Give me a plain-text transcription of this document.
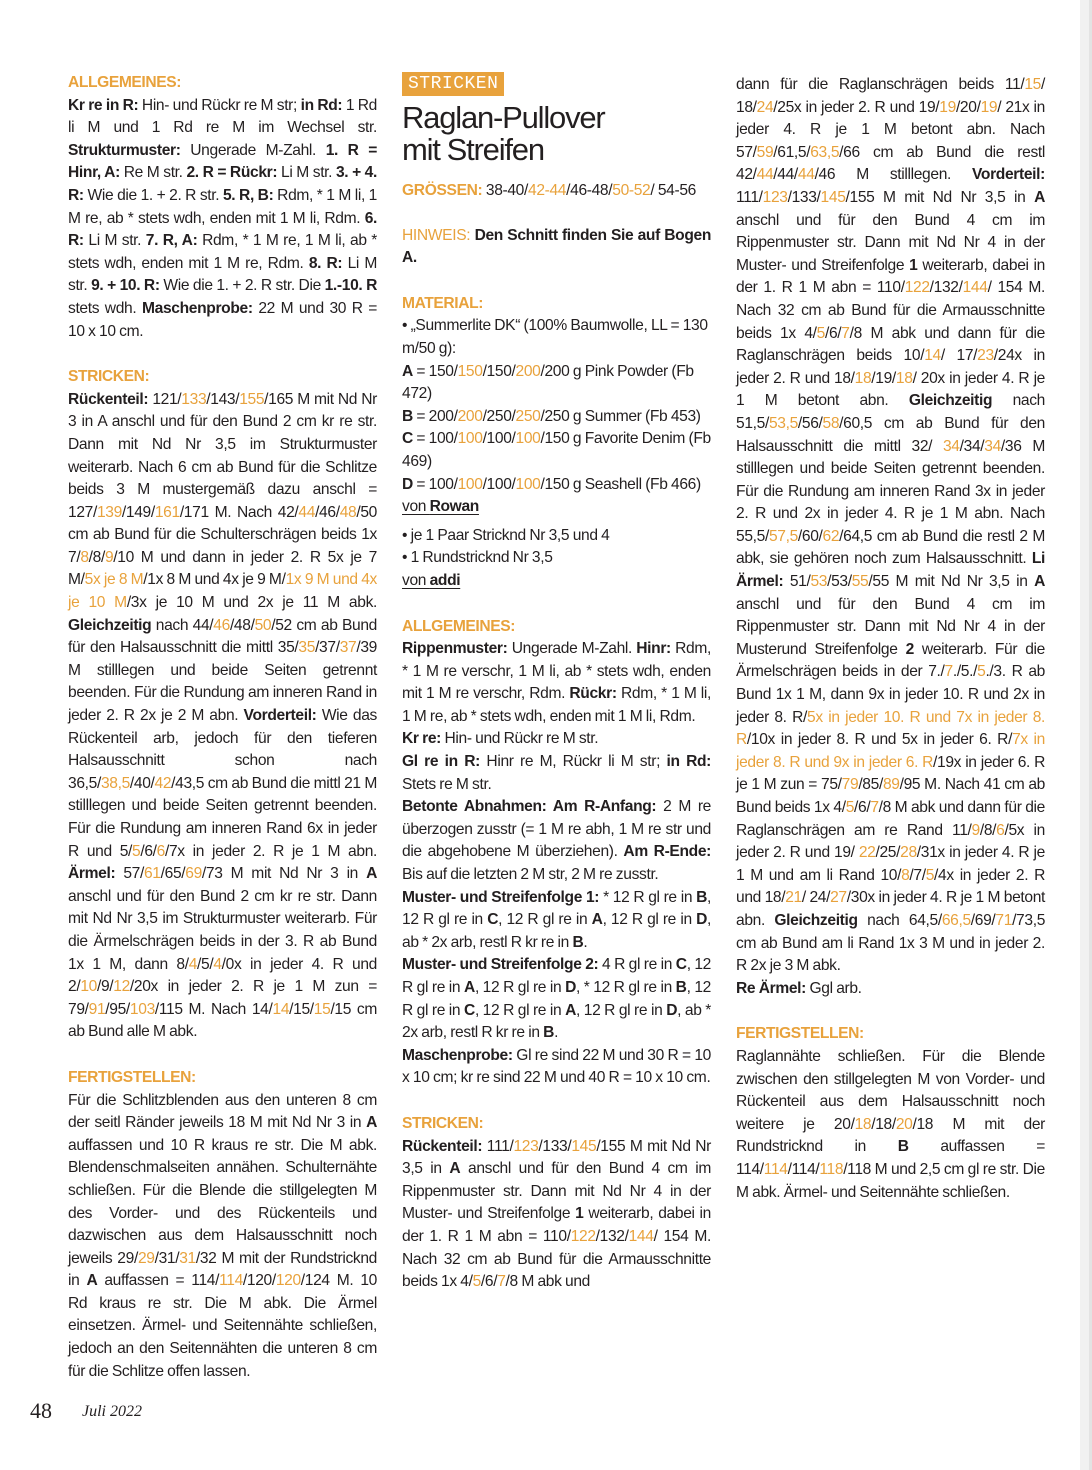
ALLGEMEINES:

Kr re in R: Hin- und Rückr re M str; in Rd: 1 Rd li M und 1 Rd re M im Wechsel str. Strukturmuster: Ungerade M-Zahl. 1. R = Hinr, A: Re M str. 2. R = Rückr: Li M str. 3. + 4. R: Wie die 1. + 2. R str. 5. R, B: Rdm, * 1 M li, 1 M re, ab * stets wdh, enden mit 1 M li, Rdm. 6. R: Li M str. 7. R, A: Rdm, * 1 M re, 1 M li, ab * stets wdh, enden mit 1 M re, Rdm. 8. R: Li M str. 9. + 10. R: Wie die 1. + 2. R str. Die 1.-10. R stets wdh. Maschenprobe: 22 M und 30 R = 10 x 10 cm.

STRICKEN:

Rückenteil: 121/133/143/155/165 M mit Nd Nr 3 in A anschl und für den Bund 2 cm kr re str. Dann mit Nd Nr 3,5 im Strukturmuster weiterarb. Nach 6 cm ab Bund für die Schlitze beids 3 M mustergemäß dazu anschl = 127/139/149/161/171 M. Nach 42/44/46/48/50 cm ab Bund für die Schulterschrägen beids 1x 7/8/8/9/10 M und dann in jeder 2. R 5x je 7 M/5x je 8 M/1x 8 M und 4x je 9 M/1x 9 M und 4x je 10 M/3x je 10 M und 2x je 11 M abk. Gleichzeitig nach 44/46/48/50/52 cm ab Bund für den Halsausschnitt die mittl 35/35/37/37/39 M stilllegen und beide Seiten getrennt beenden. Für die Rundung am inneren Rand in jeder 2. R 2x je 2 M abn. Vorderteil: Wie das Rückenteil arb, jedoch für den tieferen Halsausschnitt schon nach 36,5/38,5/40/42/43,5 cm ab Bund die mittl 21 M stilllegen und beide Seiten getrennt beenden. Für die Rundung am inneren Rand 6x in jeder R und 5/5/6/6/7x in jeder 2. R je 1 M abn. Ärmel: 57/61/65/69/73 M mit Nd Nr 3 in A anschl und für den Bund 2 cm kr re str. Dann mit Nd Nr 3,5 im Strukturmuster weiterarb. Für die Ärmelschrägen beids in der 3. R ab Bund 1x 1 M, dann 8/4/5/4/0x in jeder 4. R und 2/10/9/12/20x in jeder 2. R je 1 M zun = 79/91/95/103/115 M. Nach 14/14/15/15/15 cm ab Bund alle M abk.

FERTIGSTELLEN:

Für die Schlitzblenden aus den unteren 8 cm der seitl Ränder jeweils 18 M mit Nd Nr 3 in A auffassen und 10 R kraus re str. Die M abk. Blendenschmalseiten annähen. Schulternähte schließen. Für die Blende die stillgelegten M des Vorder- und des Rückenteils und dazwischen aus dem Halsausschnitt noch jeweils 29/29/31/31/32 M mit der Rundstricknd in A auffassen = 114/114/120/120/124 M. 10 Rd kraus re str. Die M abk. Die Ärmel einsetzen. Ärmel- und Seitennähte schließen, jedoch an den Seitennähten die unteren 8 cm für die Schlitze offen lassen.

STRICKEN
Raglan-Pullover
mit Streifen

GRÖSSEN: 38-40/42-44/46-48/50-52/ 54-56

HINWEIS: Den Schnitt finden Sie auf Bogen A.

MATERIAL:

• „Summerlite DK“ (100% Baumwolle, LL = 130 m/50 g):
A = 150/150/150/200/200 g Pink Powder (Fb 472)
B = 200/200/250/250/250 g Summer (Fb 453)
C = 100/100/100/100/150 g Favorite Denim (Fb 469)
D = 100/100/100/100/150 g Seashell (Fb 466)
von Rowan

• je 1 Paar Stricknd Nr 3,5 und 4
• 1 Rundstricknd Nr 3,5
von addi

ALLGEMEINES:

Rippenmuster: Ungerade M-Zahl. Hinr: Rdm, * 1 M re verschr, 1 M li, ab * stets wdh, enden mit 1 M re verschr, Rdm. Rückr: Rdm, * 1 M li, 1 M re, ab * stets wdh, enden mit 1 M li, Rdm.
Kr re: Hin- und Rückr re M str.
Gl re in R: Hinr re M, Rückr li M str; in Rd: Stets re M str.
Betonte Abnahmen: Am R-Anfang: 2 M re überzogen zusstr (= 1 M re abh, 1 M re str und die abgehobene M überziehen). Am R-Ende: Bis auf die letzten 2 M str, 2 M re zusstr.
Muster- und Streifenfolge 1: * 12 R gl re in B, 12 R gl re in C, 12 R gl re in A, 12 R gl re in D, ab * 2x arb, restl R kr re in B.
Muster- und Streifenfolge 2: 4 R gl re in C, 12 R gl re in A, 12 R gl re in D, * 12 R gl re in B, 12 R gl re in C, 12 R gl re in A, 12 R gl re in D, ab * 2x arb, restl R kr re in B.
Maschenprobe: Gl re sind 22 M und 30 R = 10 x 10 cm; kr re sind 22 M und 40 R = 10 x 10 cm.

STRICKEN:

Rückenteil: 111/123/133/145/155 M mit Nd Nr 3,5 in A anschl und für den Bund 4 cm im Rippenmuster str. Dann mit Nd Nr 4 in der Muster- und Streifenfolge 1 weiterarb, dabei in der 1. R 1 M abn = 110/122/132/144/ 154 M. Nach 32 cm ab Bund für die Armausschnitte beids 1x 4/5/6/7/8 M abk und

dann für die Raglanschrägen beids 11/15/ 18/24/25x in jeder 2. R und 19/19/20/19/ 21x in jeder 4. R je 1 M betont abn. Nach 57/59/61,5/63,5/66 cm ab Bund die restl 42/44/44/44/46 M stilllegen. Vorderteil: 111/123/133/145/155 M mit Nd Nr 3,5 in A anschl und für den Bund 4 cm im Rippenmuster str. Dann mit Nd Nr 4 in der Muster- und Streifenfolge 1 weiterarb, dabei in der 1. R 1 M abn = 110/122/132/144/ 154 M. Nach 32 cm ab Bund für die Armausschnitte beids 1x 4/5/6/7/8 M abk und dann für die Raglanschrägen beids 10/14/ 17/23/24x in jeder 2. R und 18/18/19/18/ 20x in jeder 4. R je 1 M betont abn. Gleichzeitig nach 51,5/53,5/56/58/60,5 cm ab Bund für den Halsausschnitt die mittl 32/ 34/34/34/36 M stilllegen und beide Seiten getrennt beenden. Für die Rundung am inneren Rand 3x in jeder 2. R und 2x in jeder 4. R je 1 M abn. Nach 55,5/57,5/60/62/64,5 cm ab Bund die restl 2 M abk, sie gehören noch zum Halsausschnitt. Li Ärmel: 51/53/53/55/55 M mit Nd Nr 3,5 in A anschl und für den Bund 4 cm im Rippenmuster str. Dann mit Nd Nr 4 in der Musterund Streifenfolge 2 weiterarb. Für die Ärmelschrägen beids in der 7./7./5./5./3. R ab Bund 1x 1 M, dann 9x in jeder 10. R und 2x in jeder 8. R/5x in jeder 10. R und 7x in jeder 8. R/10x in jeder 8. R und 5x in jeder 6. R/7x in jeder 8. R und 9x in jeder 6. R/19x in jeder 6. R je 1 M zun = 75/79/85/89/95 M. Nach 41 cm ab Bund beids 1x 4/5/6/7/8 M abk und dann für die Raglanschrägen am re Rand 11/9/8/6/5x in jeder 2. R und 19/ 22/25/28/31x in jeder 4. R je 1 M und am li Rand 10/8/7/5/4x in jeder 2. R und 18/21/ 24/27/30x in jeder 4. R je 1 M betont abn. Gleichzeitig nach 64,5/66,5/69/71/73,5 cm ab Bund am li Rand 1x 3 M und in jeder 2. R 2x je 3 M abk.
Re Ärmel: Ggl arb.

FERTIGSTELLEN:

Raglannähte schließen. Für die Blende zwischen den stillgelegten M von Vorder- und Rückenteil aus dem Halsausschnitt noch weitere je 20/18/18/20/18 M mit der Rundstricknd in B auffassen = 114/114/114/118/118 M und 2,5 cm gl re str. Die M abk. Ärmel- und Seitennähte schließen.

48 Juli 2022
